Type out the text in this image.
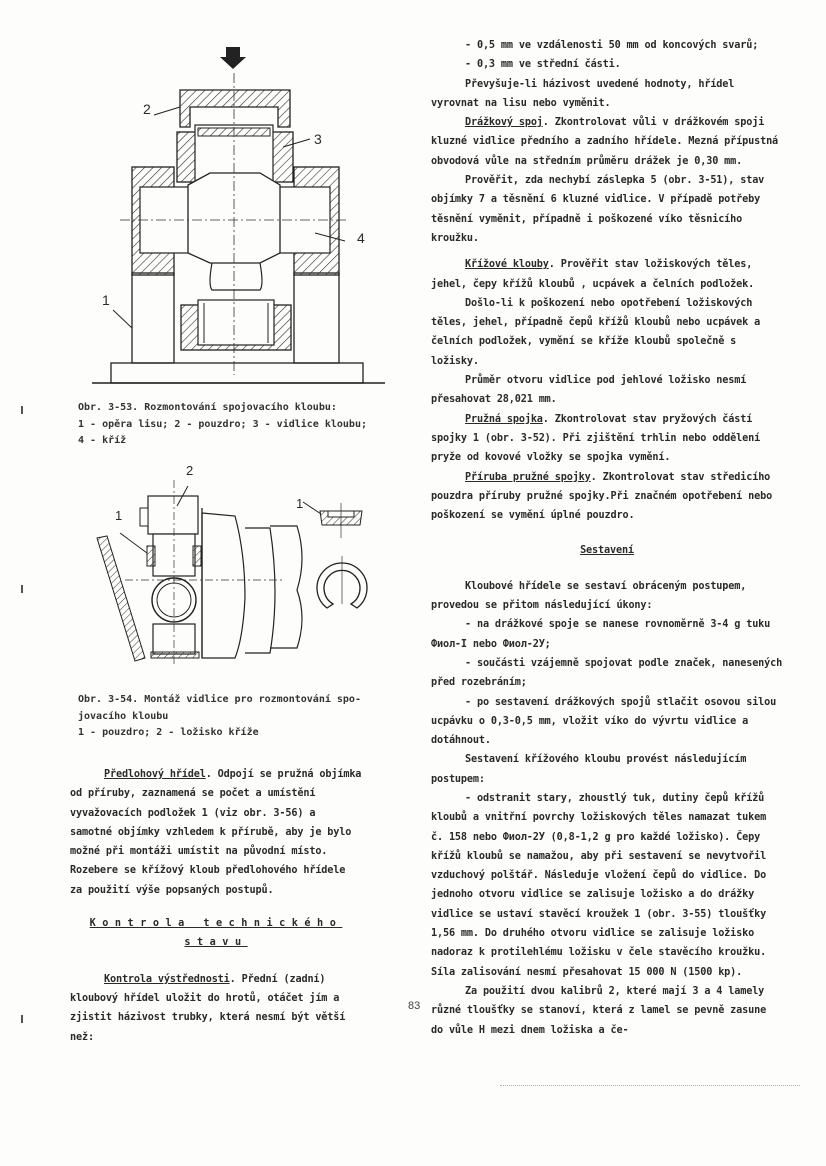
1
2
3
4
Obr. 3-53. Rozmontování spojovacího kloubu:
1 - opěra lisu; 2 - pouzdro; 3 - vidlice kloubu;
4 - kříž
1
2
1
Obr. 3-54. Montáž vidlice pro rozmontování spo-
jovacího kloubu
1 - pouzdro; 2 - ložisko kříže

Předlohový hřídel. Odpojí se pružná objímka od příruby, zaznamená se počet a umístění vyvažovacích podložek 1 (viz obr. 3-56) a samotné objímky vzhledem k přírubě, aby je bylo možné při montáži umístit na původní místo. Rozebere se křížový kloub předlohového hřídele za použití výše popsaných postupů.

Kontrola technického
stavu

Kontrola výstřednosti. Přední (zadní) kloubový hřídel uložit do hrotů, otáčet jím a zjistit házivost trubky, která nesmí být větší než:

- 0,5 mm ve vzdálenosti 50 mm od koncových svarů;

- 0,3 mm ve střední části.

Převyšuje-li házivost uvedené hodnoty, hřídel vyrovnat na lisu nebo vyměnit.

Drážkový spoj. Zkontrolovat vůli v drážkovém spoji kluzné vidlice předního a zadního hřídele. Mezná přípustná obvodová vůle na středním průměru drážek je 0,30 mm.

Prověřit, zda nechybí záslepka 5 (obr. 3-51), stav objímky 7 a těsnění 6 kluzné vidlice. V případě potřeby těsnění vyměnit, případně i poškozené víko těsnicího kroužku.

Křížové klouby. Prověřit stav ložiskových těles, jehel, čepy křížů kloubů , ucpávek a čelních podložek.

Došlo-li k poškození nebo opotřebení ložiskových těles, jehel, případně čepů křížů kloubů nebo ucpávek a čelních podložek, vymění se kříže kloubů společně s ložisky.

Průměr otvoru vidlice pod jehlové ložisko nesmí přesahovat 28,021 mm.

Pružná spojka. Zkontrolovat stav pryžových částí spojky 1 (obr. 3-52). Při zjištění trhlin nebo oddělení pryže od kovové vložky se spojka vymění.

Příruba pružné spojky. Zkontrolovat stav středicího pouzdra příruby pružné spojky.Při značném opotřebení nebo poškození se vymění úplné pouzdro.

Sestavení

Kloubové hřídele se sestaví obráceným postupem, provedou se přitom následující úkony:

- na drážkové spoje se nanese rovnoměrně 3-4 g tuku Фиол-I nebo Фиол-2У;

- součásti vzájemně spojovat podle značek, nanesených před rozebráním;

- po sestavení drážkových spojů stlačit osovou silou ucpávku o 0,3-0,5 mm, vložit víko do vývrtu vidlice a dotáhnout.

Sestavení křížového kloubu provést následujícím postupem:

- odstranit stary, zhoustlý tuk, dutiny čepů křížů kloubů a vnitřní povrchy ložiskových těles namazat tukem č. 158 nebo Фиол-2У (0,8-1,2 g pro každé ložisko). Čepy křížů kloubů se namažou, aby při sestavení se nevytvořil vzduchový polštář. Následuje vložení čepů do vidlice. Do jednoho otvoru vidlice se zalisuje ložisko a do drážky vidlice se ustaví stavěcí kroužek 1 (obr. 3-55) tloušťky 1,56 mm. Do druhého otvoru vidlice se zalisuje ložisko nadoraz k protilehlému ložisku v čele stavěcího kroužku. Síla zalisování nesmí přesahovat 15 000 N (1500 kp).

Za použití dvou kalibrů 2, které mají 3 a 4 lamely různé tloušťky se stanoví, která z lamel se pevně zasune do vůle H mezi dnem ložiska a če-

83
